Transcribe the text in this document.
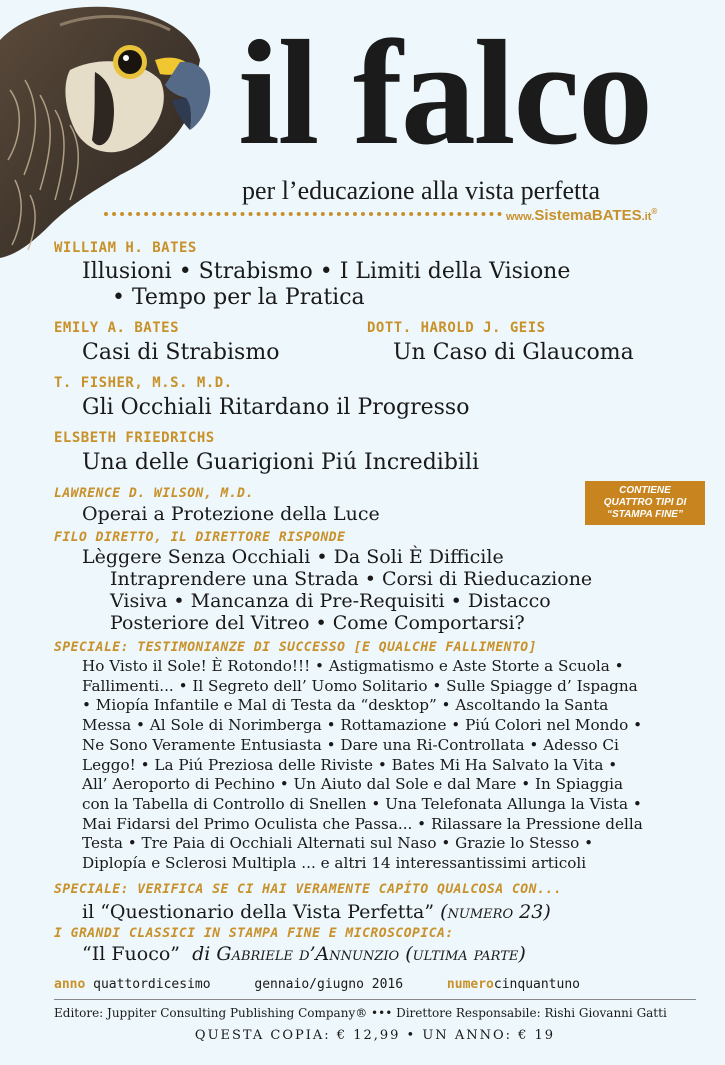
il falco
per l’educazione alla vista perfetta
www.SistemaBATES.it®
WILLIAM H. BATES
Illusioni • Strabismo • I Limiti della Visione
• Tempo per la Pratica
EMILY A. BATES
Casi di Strabismo
DOTT. HAROLD J. GEIS
Un Caso di Glaucoma
T. FISHER, M.S. M.D.
Gli Occhiali Ritardano il Progresso
ELSBETH FRIEDRICHS
Una delle Guarigioni Piú Incredibili
LAWRENCE D. WILSON, M.D.
Operai a Protezione della Luce
CONTIENE
QUATTRO TIPI DI
“STAMPA FINE”
FILO DIRETTO, IL DIRETTORE RISPONDE
Lèggere Senza Occhiali • Da Soli È Difficile
Intraprendere una Strada • Corsi di Rieducazione
Visiva • Mancanza di Pre-Requisiti • Distacco
Posteriore del Vitreo • Come Comportarsi?
SPECIALE: TESTIMONIANZE DI SUCCESSO [E QUALCHE FALLIMENTO]
Ho Visto il Sole! È Rotondo!!! • Astigmatismo e Aste Storte a Scuola •
Fallimenti... • Il Segreto dell’ Uomo Solitario • Sulle Spiagge d’ Ispagna
• Miopía Infantile e Mal di Testa da “desktop” • Ascoltando la Santa
Messa • Al Sole di Norimberga • Rottamazione • Piú Colori nel Mondo •
Ne Sono Veramente Entusiasta • Dare una Ri-Controllata • Adesso Ci
Leggo! • La Piú Preziosa delle Riviste • Bates Mi Ha Salvato la Vita •
All’ Aeroporto di Pechino • Un Aiuto dal Sole e dal Mare • In Spiaggia
con la Tabella di Controllo di Snellen • Una Telefonata Allunga la Vista •
Mai Fidarsi del Primo Oculista che Passa... • Rilassare la Pressione della
Testa • Tre Paia di Occhiali Alternati sul Naso • Grazie lo Stesso •
Diplopía e Sclerosi Multipla ... e altri 14 interessantissimi articoli
SPECIALE: VERIFICA SE CI HAI VERAMENTE CAPÍTO QUALCOSA CON...
il “Questionario della Vista Perfetta” (numero 23)
I GRANDI CLASSICI IN STAMPA FINE E MICROSCOPICA:
“Il Fuoco” di Gabriele d’Annunzio (ultima parte)
anno quattordicesimo	gennaio/giugno 2016	numerocinquantuno
Editore: Juppiter Consulting Publishing Company® ••• Direttore Responsabile: Rishi Giovanni Gatti
QUESTA COPIA: € 12,99 • UN ANNO: € 19
